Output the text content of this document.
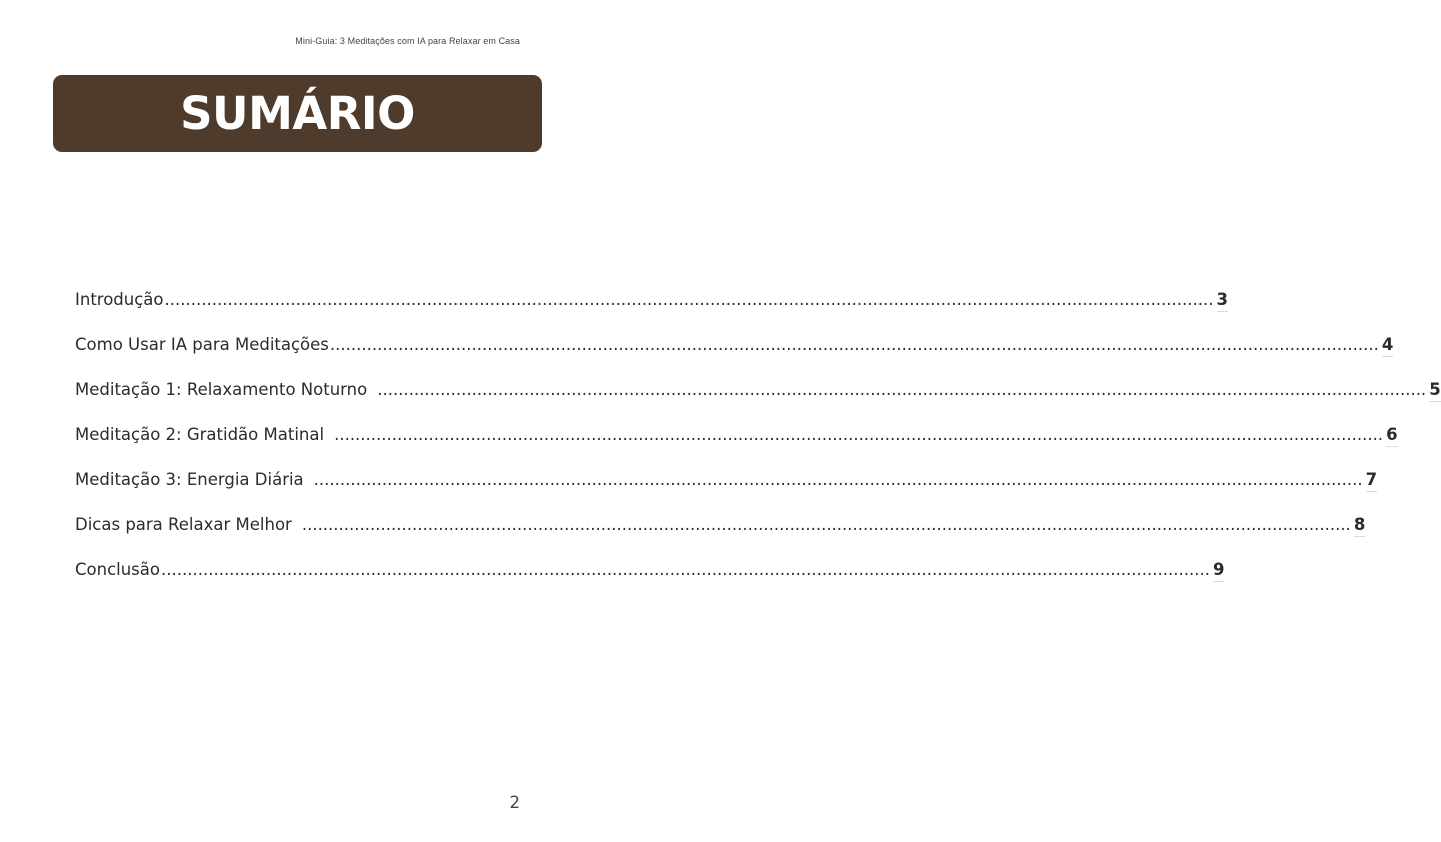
Mini-Guia: 3 Meditações com IA para Relaxar em Casa
SUMÁRIO
Introdução ........................................................................................................................................................................................................ 3
Como Usar IA para Meditações ........................................................................................................................................................................................................ 4
Meditação 1: Relaxamento Noturno ........................................................................................................................................................................................................ 5
Meditação 2: Gratidão Matinal ........................................................................................................................................................................................................ 6
Meditação 3: Energia Diária ........................................................................................................................................................................................................ 7
Dicas para Relaxar Melhor ........................................................................................................................................................................................................ 8
Conclusão ........................................................................................................................................................................................................ 9
2
